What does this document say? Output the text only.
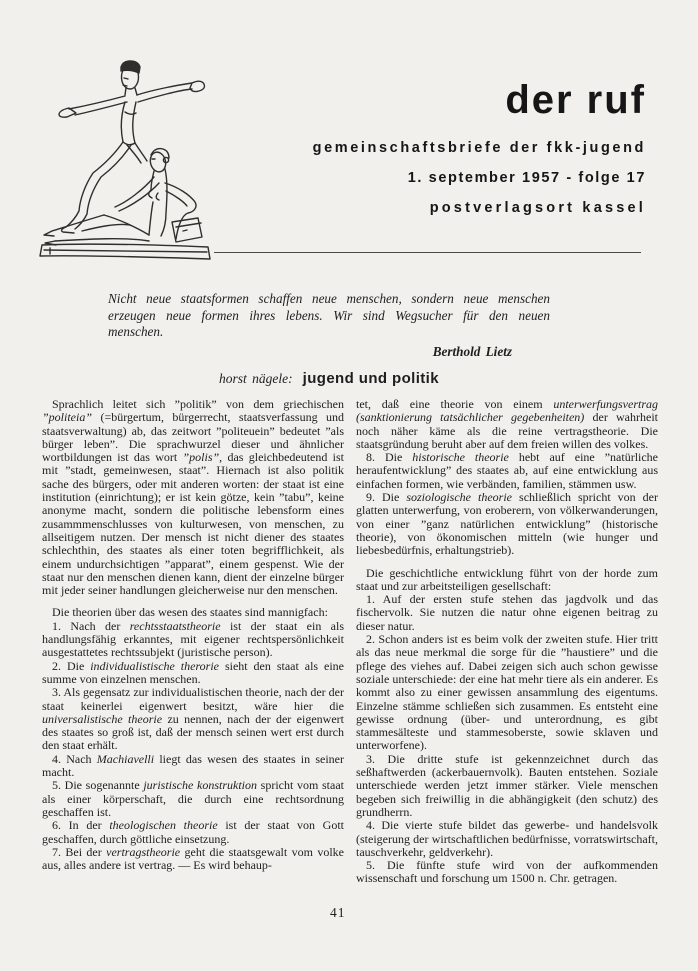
der ruf
gemeinschaftsbriefe der fkk-jugend
1. september 1957 - folge 17
postverlagsort kassel
Nicht neue staatsformen schaffen neue menschen, sondern neue menschen erzeugen neue formen ihres lebens. Wir sind Wegsucher für den neuen menschen.
Berthold Lietz
horst nägele: jugend und politik

Sprachlich leitet sich ”politik” von dem griechischen ”politeia” (=bürgertum, bürgerrecht, staatsverfassung und staatsverwaltung) ab, das zeitwort ”politeuein” bedeutet ”als bürger leben”. Die sprachwurzel dieser und ähnlicher wortbildungen ist das wort ”polis”, das gleichbedeutend ist mit ”stadt, gemeinwesen, staat”. Hiernach ist also politik sache des bürgers, oder mit anderen worten: der staat ist eine institution (einrichtung); er ist kein götze, kein ”tabu”, keine anonyme macht, sondern die politische lebensform eines zusammmenschlusses von kulturwesen, von menschen, zu allseitigem nutzen. Der mensch ist nicht diener des staates schlechthin, des staates als einer toten begrifflichkeit, als einem undurchsichtigen ”apparat”, einem gespenst. Wie der staat nur den menschen dienen kann, dient der einzelne bürger mit jeder seiner handlungen gleicherweise nur den menschen.

Die theorien über das wesen des staates sind mannigfach:

1. Nach der rechtsstaatstheorie ist der staat ein als handlungsfähig erkanntes, mit eigener rechtspersönlichkeit ausgestattetes rechtssubjekt (juristische person).

2. Die individualistische therorie sieht den staat als eine summe von einzelnen menschen.

3. Als gegensatz zur individualistischen theorie, nach der der staat keinerlei eigenwert besitzt, wäre hier die universalistische theorie zu nennen, nach der der eigenwert des staates so groß ist, daß der mensch seinen wert erst durch den staat erhält.

4. Nach Machiavelli liegt das wesen des staates in seiner macht.

5. Die sogenannte juristische konstruktion spricht vom staat als einer körperschaft, die durch eine rechtsordnung geschaffen ist.

6. In der theologischen theorie ist der staat von Gott geschaffen, durch göttliche einsetzung.

7. Bei der vertragstheorie geht die staatsgewalt vom volke aus, alles andere ist vertrag. — Es wird behaup-

tet, daß eine theorie von einem unterwerfungsvertrag (sanktionierung tatsächlicher gegebenheiten) der wahrheit noch näher käme als die reine vertragstheorie. Die staatsgründung beruht aber auf dem freien willen des volkes.

8. Die historische theorie hebt auf eine ”natürliche heraufentwicklung” des staates ab, auf eine entwicklung aus einfachen formen, wie verbänden, familien, stämmen usw.

9. Die soziologische theorie schließlich spricht von der glatten unterwerfung, von eroberern, von völkerwanderungen, von einer ”ganz natürlichen entwicklung” (historische theorie), von ökonomischen mitteln (wie hunger und liebesbedürfnis, erhaltungstrieb).

Die geschichtliche entwicklung führt von der horde zum staat und zur arbeitsteiligen gesellschaft:

1. Auf der ersten stufe stehen das jagdvolk und das fischervolk. Sie nutzen die natur ohne eigenen beitrag zu dieser natur.

2. Schon anders ist es beim volk der zweiten stufe. Hier tritt als das neue merkmal die sorge für die ”haustiere” und die pflege des viehes auf. Dabei zeigen sich auch schon gewisse soziale unterschiede: der eine hat mehr tiere als ein anderer. Es kommt also zu einer gewissen ansammlung des eigentums. Einzelne stämme schließen sich zusammen. Es entsteht eine gewisse ordnung (über- und unterordnung, es gibt stammesälteste und stammesoberste, sowie sklaven und unterworfene).

3. Die dritte stufe ist gekennzeichnet durch das seßhaftwerden (ackerbauernvolk). Bauten entstehen. Soziale unterschiede werden jetzt immer stärker. Viele menschen begeben sich freiwillig in die abhängigkeit (den schutz) des grundherrn.

4. Die vierte stufe bildet das gewerbe- und handelsvolk (steigerung der wirtschaftlichen bedürfnisse, vorratswirtschaft, tauschverkehr, geldverkehr).

5. Die fünfte stufe wird von der aufkommenden wissenschaft und forschung um 1500 n. Chr. getragen.

41
